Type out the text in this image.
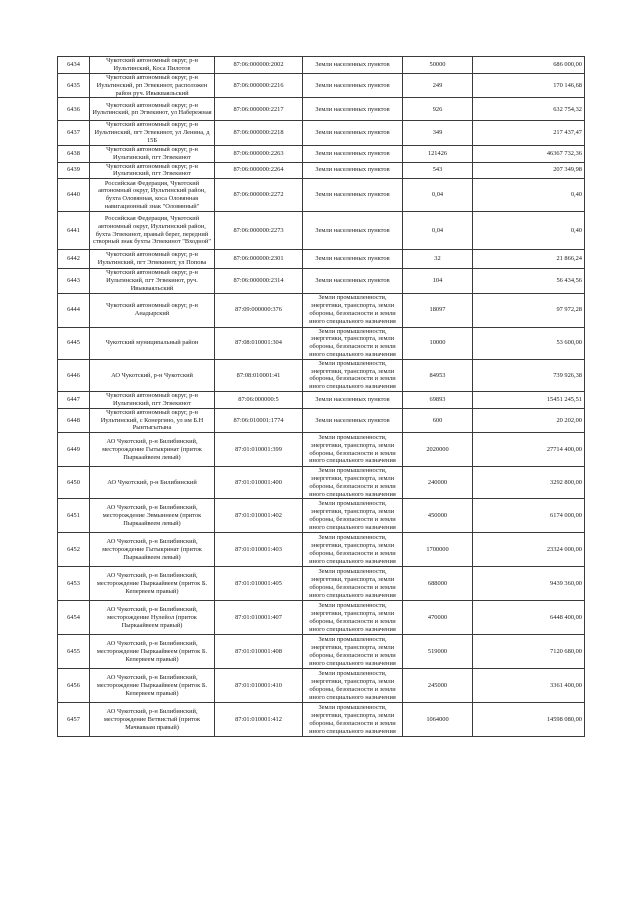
6434	Чукотский автономный округ, р-н Иультинский, Коса Пилотов	87:06:000000:2002	Земли населенных пунктов	50000	686 000,00
6435	Чукотский автономный округ, р-н Иультинский, рп Эгвекинот, расположен район руч. Ивыкваяльский	87:06:000000:2216	Земли населенных пунктов	249	170 146,68
6436	Чукотский автономный округ, р-н Иультинский, рп Эгвекинот, ул Набережная	87:06:000000:2217	Земли населенных пунктов	926	632 754,32
6437	Чукотский автономный округ, р-н Иультинский, пгт Эгвекинот, ул Ленина, д 15Б	87:06:000000:2218	Земли населенных пунктов	349	217 437,47
6438	Чукотский автономный округ, р-н Иультинский, пгт Эгвекинот	87:06:000000:2263	Земли населенных пунктов	121426	46367 732,36
6439	Чукотский автономный округ, р-н Иультинский, пгт Эгвекинот	87:06:000000:2264	Земли населенных пунктов	543	207 349,98
6440	Российская Федерация, Чукотский автономный округ, Иультинский район, бухта Оловянная, коса Оловянная навигационный знак "Оловянный"	87:06:000000:2272	Земли населенных пунктов	0,04	0,40
6441	Российская Федерация, Чукотский автономный округ, Иультинский район, бухта Эгвекинот, правый берег, передний створный знак бухты Эгвекинот "Входной"	87:06:000000:2273	Земли населенных пунктов	0,04	0,40
6442	Чукотский автономный округ, р-н Иультинский, пгт Эгвекинот, ул Попова	87:06:000000:2301	Земли населенных пунктов	32	21 866,24
6443	Чукотский автономный округ, р-н Иультинский, пгт Эгвекинот, руч. Ивыкваяльский	87:06:000000:2314	Земли населенных пунктов	104	56 434,56
6444	Чукотский автономный округ, р-н Анадырский	87:09:000000:376	Земли промышленности, энергетики, транспорта, земли обороны, безопасности и земли иного специального назначения	18097	97 972,28
6445	Чукотский муниципальный район	87:08:010001:304	Земли промышленности, энергетики, транспорта, земли обороны, безопасности и земли иного специального назначения	10000	53 600,00
6446	АО Чукотский, р-н Чукотский	87:08:010001:41	Земли промышленности, энергетики, транспорта, земли обороны, безопасности и земли иного специального назначения	84953	739 926,38
6447	Чукотский автономный округ, р-н Иультинский, пгт Эгвекинот	87:06:000000:5	Земли населенных пунктов	69893	15451 245,51
6448	Чукотский автономный округ, р-н Иультинский, с Конергино, ул им Б.Н Рынтыгытына	87:06:010001:1774	Земли населенных пунктов	600	20 202,00
6449	АО Чукотский, р-н Билибинский, месторождение Гытыкринат (приток Пыркаайвеем левый)	87:01:010001:399	Земли промышленности, энергетики, транспорта, земли обороны, безопасности и земли иного специального назначения	2020000	27714 400,00
6450	АО Чукотский, р-н Билибинский	87:01:010001:400	Земли промышленности, энергетики, транспорта, земли обороны, безопасности и земли иного специального назначения	240000	3292 800,00
6451	АО Чукотский, р-н Билибинский, месторождение Эвмыннеем (приток Пыркаайвеем левый)	87:01:010001:402	Земли промышленности, энергетики, транспорта, земли обороны, безопасности и земли иного специального назначения	450000	6174 000,00
6452	АО Чукотский, р-н Билибинский, месторождение Гытыкринат (приток Пыркаайвеем левый)	87:01:010001:403	Земли промышленности, энергетики, транспорта, земли обороны, безопасности и земли иного специального назначения	1700000	23324 000,00
6453	АО Чукотский, р-н Билибинский, месторождение Пыркаайвеем (приток Б. Кепервеем правый)	87:01:010001:405	Земли промышленности, энергетики, транспорта, земли обороны, безопасности и земли иного специального назначения	688000	9439 360,00
6454	АО Чукотский, р-н Билибинский, месторождение Нулейол (приток Пыркаайвеем правый)	87:01:010001:407	Земли промышленности, энергетики, транспорта, земли обороны, безопасности и земли иного специального назначения	470000	6448 400,00
6455	АО Чукотский, р-н Билибинский, месторождение Пыркаайвеем (приток Б. Кепервеем правый)	87:01:010001:408	Земли промышленности, энергетики, транспорта, земли обороны, безопасности и земли иного специального назначения	519000	7120 680,00
6456	АО Чукотский, р-н Билибинский, месторождение Пыркаайвеем (приток Б. Кепервеем правый)	87:01:010001:410	Земли промышленности, энергетики, транспорта, земли обороны, безопасности и земли иного специального назначения	245000	3361 400,00
6457	АО Чукотский, р-н Билибинский, месторождение Ветвистый (приток Мачваваам правый)	87:01:010001:412	Земли промышленности, энергетики, транспорта, земли обороны, безопасности и земли иного специального назначения	1064000	14598 080,00
